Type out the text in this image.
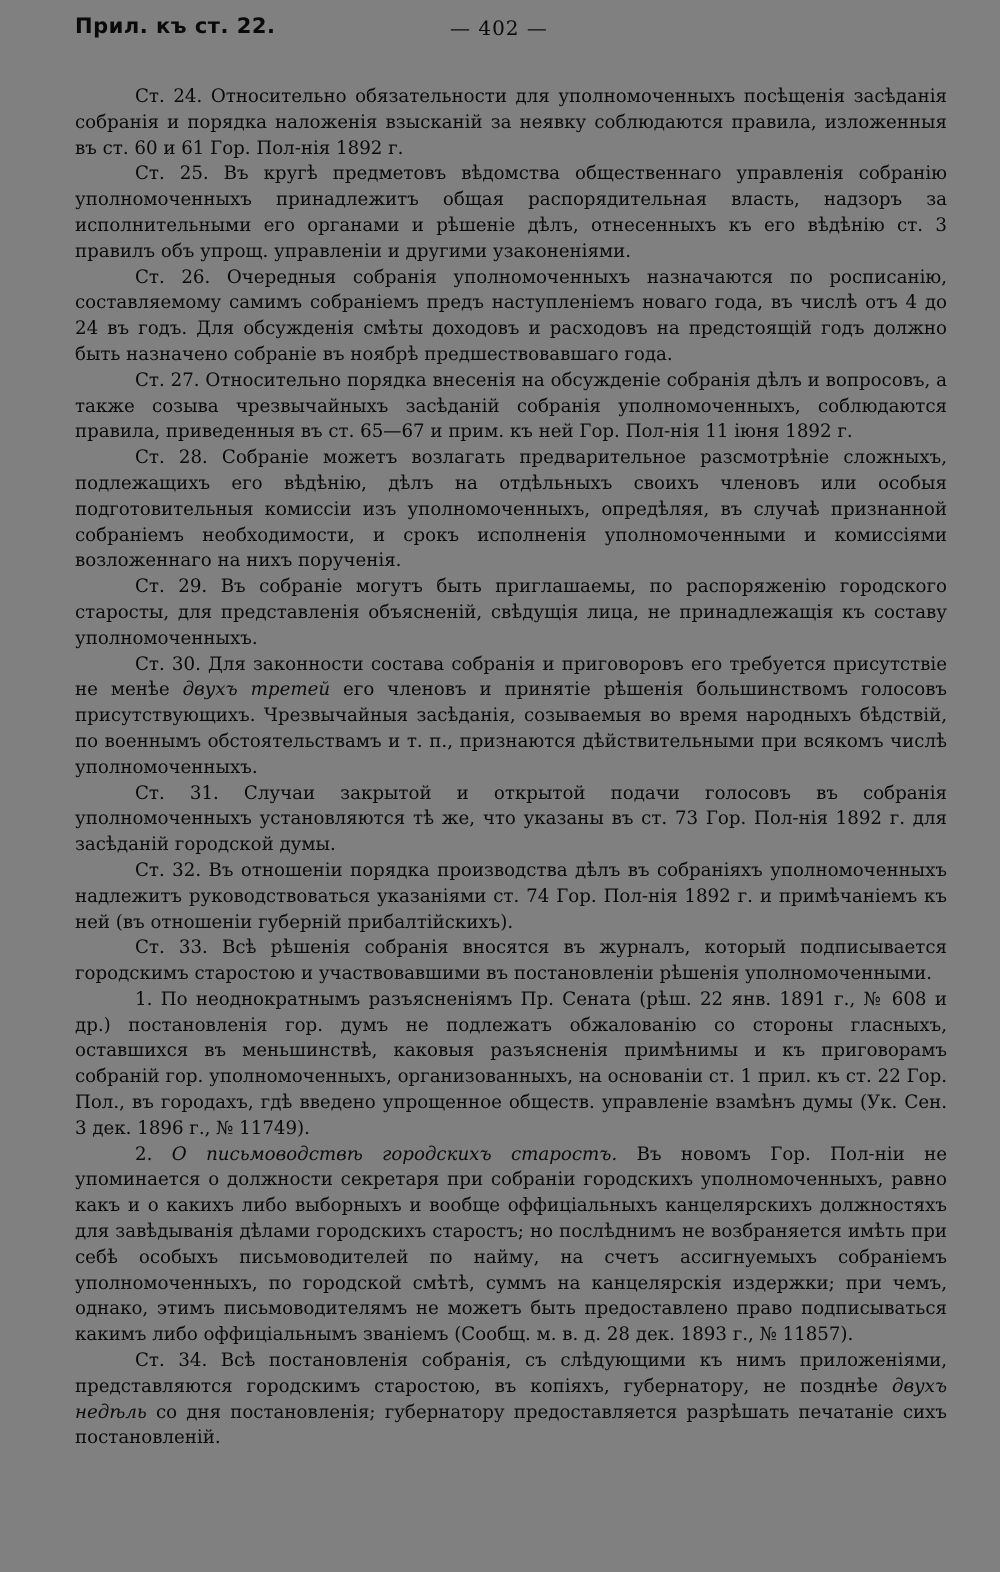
Прил. къ ст. 22.	— 402 —

Ст. 24. Относительно обязательности для уполномоченныхъ посѣщенія засѣданія собранія и порядка наложенія взысканій за неявку соблюдаются правила, изложенныя въ ст. 60 и 61 Гор. Пол-нія 1892 г.

Ст. 25. Въ кругѣ предметовъ вѣдомства общественнаго управленія собранію уполномоченныхъ принадлежитъ общая распорядительная власть, надзоръ за исполнительными его органами и рѣшеніе дѣлъ, отнесенныхъ къ его вѣдѣнію ст. 3 правилъ объ упрощ. управленіи и другими узаконеніями.

Ст. 26. Очередныя собранія уполномоченныхъ назначаются по росписанію, составляемому самимъ собраніемъ предъ наступленіемъ новаго года, въ числѣ отъ 4 до 24 въ годъ. Для обсужденія смѣты доходовъ и расходовъ на предстоящій годъ должно быть назначено собраніе въ ноябрѣ предшествовавшаго года.

Ст. 27. Относительно порядка внесенія на обсужденіе собранія дѣлъ и вопросовъ, а также созыва чрезвычайныхъ засѣданій собранія уполномоченныхъ, соблюдаются правила, приведенныя въ ст. 65—67 и прим. къ ней Гор. Пол-нія 11 іюня 1892 г.

Ст. 28. Собраніе можетъ возлагать предварительное разсмотрѣніе сложныхъ, подлежащихъ его вѣдѣнію, дѣлъ на отдѣльныхъ своихъ членовъ или особыя подготовительныя комиссіи изъ уполномоченныхъ, опредѣляя, въ случаѣ признанной собраніемъ необходимости, и срокъ исполненія уполномоченными и комиссіями возложеннаго на нихъ порученія.

Ст. 29. Въ собраніе могутъ быть приглашаемы, по распоряженію городского старосты, для представленія объясненій, свѣдущія лица, не принадлежащія къ составу уполномоченныхъ.

Ст. 30. Для законности состава собранія и приговоровъ его требуется присутствіе не менѣе двухъ третей его членовъ и принятіе рѣшенія большинствомъ голосовъ присутствующихъ. Чрезвычайныя засѣданія, созываемыя во время народныхъ бѣдствій, по военнымъ обстоятельствамъ и т. п., признаются дѣйствительными при всякомъ числѣ уполномоченныхъ.

Ст. 31. Случаи закрытой и открытой подачи голосовъ въ собранія уполномоченныхъ установляются тѣ же, что указаны въ ст. 73 Гор. Пол-нія 1892 г. для засѣданій городской думы.

Ст. 32. Въ отношеніи порядка производства дѣлъ въ собраніяхъ уполномоченныхъ надлежитъ руководствоваться указаніями ст. 74 Гор. Пол-нія 1892 г. и примѣчаніемъ къ ней (въ отношеніи губерній прибалтійскихъ).

Ст. 33. Всѣ рѣшенія собранія вносятся въ журналъ, который подписывается городскимъ старостою и участвовавшими въ постановленіи рѣшенія уполномоченными.

1. По неоднократнымъ разъясненіямъ Пр. Сената (рѣш. 22 янв. 1891 г., № 608 и др.) постановленія гор. думъ не подлежатъ обжалованію со стороны гласныхъ, оставшихся въ меньшинствѣ, каковыя разъясненія примѣнимы и къ приговорамъ собраній гор. уполномоченныхъ, организованныхъ, на основаніи ст. 1 прил. къ ст. 22 Гор. Пол., въ городахъ, гдѣ введено упрощенное обществ. управленіе взамѣнъ думы (Ук. Сен. 3 дек. 1896 г., № 11749).

2. О письмоводствѣ городскихъ старостъ. Въ новомъ Гор. Пол-ніи не упоминается о должности секретаря при собраніи городскихъ уполномоченныхъ, равно какъ и о какихъ либо выборныхъ и вообще оффиціальныхъ канцелярскихъ должностяхъ для завѣдыванія дѣлами городскихъ старостъ; но послѣднимъ не возбраняется имѣть при себѣ особыхъ письмоводителей по найму, на счетъ ассигнуемыхъ собраніемъ уполномоченныхъ, по городской смѣтѣ, суммъ на канцелярскія издержки; при чемъ, однако, этимъ письмоводителямъ не можетъ быть предоставлено право подписываться какимъ либо оффиціальнымъ званіемъ (Сообщ. м. в. д. 28 дек. 1893 г., № 11857).

Ст. 34. Всѣ постановленія собранія, съ слѣдующими къ нимъ приложеніями, представляются городскимъ старостою, въ копіяхъ, губернатору, не позднѣе двухъ недѣль со дня постановленія; губернатору предоставляется разрѣшать печатаніе сихъ постановленій.
